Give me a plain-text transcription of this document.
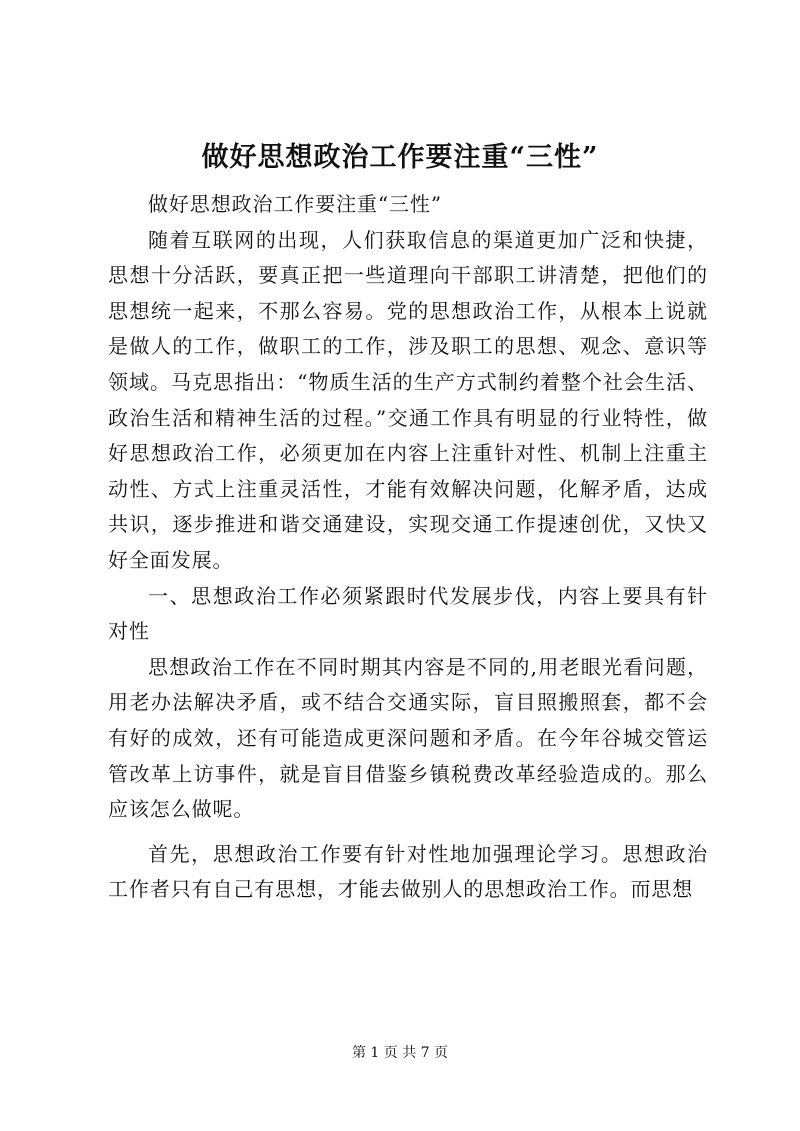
做好思想政治工作要注重“三性”

做好思想政治工作要注重“三性”

随着互联网的出现，人们获取信息的渠道更加广泛和快捷，思想十分活跃，要真正把一些道理向干部职工讲清楚，把他们的思想统一起来，不那么容易。党的思想政治工作，从根本上说就是做人的工作，做职工的工作，涉及职工的思想、观念、意识等领域。马克思指出：“物质生活的生产方式制约着整个社会生活、政治生活和精神生活的过程。”交通工作具有明显的行业特性，做好思想政治工作，必须更加在内容上注重针对性、机制上注重主动性、方式上注重灵活性，才能有效解决问题，化解矛盾，达成共识，逐步推进和谐交通建设，实现交通工作提速创优，又快又好全面发展。

一、思想政治工作必须紧跟时代发展步伐，内容上要具有针对性

思想政治工作在不同时期其内容是不同的,用老眼光看问题，用老办法解决矛盾，或不结合交通实际，盲目照搬照套，都不会有好的成效，还有可能造成更深问题和矛盾。在今年谷城交管运管改革上访事件，就是盲目借鉴乡镇税费改革经验造成的。那么应该怎么做呢。

首先，思想政治工作要有针对性地加强理论学习。思想政治工作者只有自己有思想，才能去做别人的思想政治工作。而思想

第 1 页 共 7 页
